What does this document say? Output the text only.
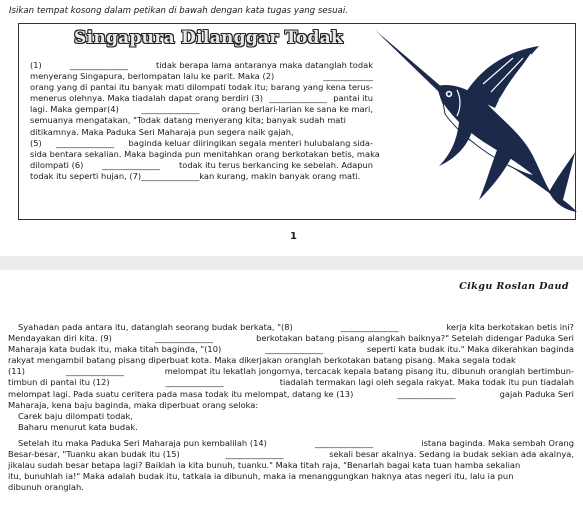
Isikan tempat kosong dalam petikan di bawah dengan kata tugas yang sesuai.
Singapura Dilanggar Todak
(1)	______________	tidak berapa lama antaranya maka datanglah todak
menyerang Singapura, berlompatan lalu ke parit. Maka (2)	____________
orang yang di pantai itu banyak mati dilompati todak itu; barang yang kena terus-
menerus olehnya. Maka tiadalah dapat orang berdiri (3) ______________ pantai itu
lagi. Maka gempar(4)	______________	orang berlari-larian ke sana ke mari,
semuanya mengatakan, "Todak datang menyerang kita; banyak sudah mati
ditikamnya. Maka Paduka Seri Maharaja pun segera naik gajah,
(5) ______________ baginda keluar diiringikan segala menteri hulubalang sida-
sida bentara sekalian. Maka baginda pun menitahkan orang berkotakan betis, maka
dilompati (6) ______________ todak itu terus berkancing ke sebelah. Adapun
todak itu seperti hujan, (7) ______________ kan kurang, makin banyak orang mati.
1
Cikgu Roslan Daud
Syahadan pada antara itu, datanglah seorang budak berkata, "(8)	______________	kerja kita berkotakan betis ini?
Mendayakan diri kita. (9)	______________	berkotakan batang pisang alangkah baiknya?" Setelah didengar Paduka Seri
Maharaja kata budak itu, maka titah baginda, "(10)	______________	seperti kata budak itu." Maka dikerahkan baginda
rakyat mengambil batang pisang diperbuat kota. Maka dikerjakan oranglah berkotakan batang pisang. Maka segala todak
(11)	______________	melompat itu lekatlah jongornya, tercacak kepala batang pisang itu, dibunuh oranglah bertimbun-
timbun di pantai itu (12)	______________	tiadalah termakan lagi oleh segala rakyat. Maka todak itu pun tiadalah
melompat lagi. Pada suatu ceritera pada masa todak itu melompat, datang ke (13)	______________	gajah Paduka Seri
Maharaja, kena baju baginda, maka diperbuat orang seloka:
Carek baju dilompati todak,
Baharu menurut kata budak.
Setelah itu maka Paduka Seri Maharaja pun kembalilah (14)	______________	istana baginda. Maka sembah Orang
Besar-besar, "Tuanku akan budak itu (15)	______________	sekali besar akalnya. Sedang ia budak sekian ada akalnya,
jikalau sudah besar betapa lagi? Baiklah ia kita bunuh, tuanku." Maka titah raja, "Benarlah bagai kata tuan hamba sekalian
itu, bunuhlah ia!" Maka adalah budak itu, tatkala ia dibunuh, maka ia menanggungkan haknya atas negeri itu, lalu ia pun
dibunuh oranglah.
